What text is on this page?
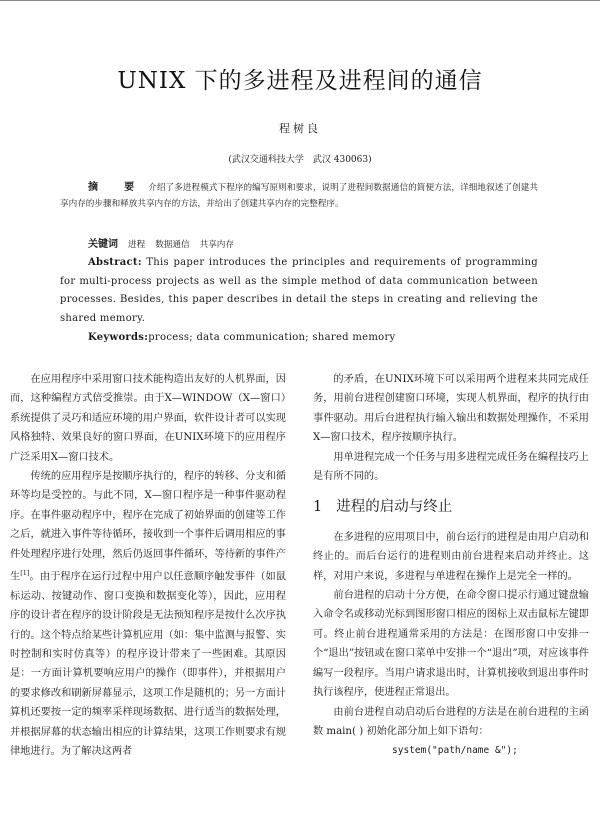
UNIX 下的多进程及进程间的通信
程树良
(武汉交通科技大学　武汉 430063)
摘　要 介绍了多进程模式下程序的编写原则和要求，说明了进程间数据通信的简便方法，详细地叙述了创建共享内存的步骤和释放共享内存的方法，并给出了创建共享内存的完整程序。
关键词 进程 数据通信 共享内存
Abstract: This paper introduces the principles and requirements of programming for multi-process projects as well as the simple method of data communication between processes. Besides, this paper describes in detail the steps in creating and relieving the shared memory.
Keywords:process; data communication; shared memory

在应用程序中采用窗口技术能构造出友好的人机界面，因而，这种编程方式倍受推崇。由于X—WINDOW（X—窗口）系统提供了灵巧和适应环境的用户界面，软件设计者可以实现风格独特、效果良好的窗口界面，在UNIX环境下的应用程序广泛采用X—窗口技术。

传统的应用程序是按顺序执行的，程序的转移、分支和循环等均是受控的。与此不同，X—窗口程序是一种事件驱动程序。在事件驱动程序中，程序在完成了初始界面的创建等工作之后，就进入事件等待循环，接收到一个事件后调用相应的事件处理程序进行处理，然后仍返回事件循环，等待新的事件产生[1]。由于程序在运行过程中用户以任意顺序触发事件（如鼠标运动、按键动作、窗口变换和数据变化等），因此，应用程序的设计者在程序的设计阶段是无法预知程序是按什么次序执行的。这个特点给某些计算机应用（如：集中监测与报警、实时控制和实时仿真等）的程序设计带来了一些困难。其原因是：一方面计算机要响应用户的操作（即事件），并根据用户的要求修改和刷新屏幕显示，这项工作是随机的；另一方面计算机还要按一定的频率采样现场数据、进行适当的数据处理，并根据屏幕的状态输出相应的计算结果，这项工作则要求有规律地进行。为了解决这两者

的矛盾，在UNIX环境下可以采用两个进程来共同完成任务，用前台进程创建窗口环境，实现人机界面，程序的执行由事件驱动。用后台进程执行输入输出和数据处理操作，不采用X—窗口技术，程序按顺序执行。

用单进程完成一个任务与用多进程完成任务在编程技巧上是有所不同的。

1 进程的启动与终止

在多进程的应用项目中，前台运行的进程是由用户启动和终止的。而后台运行的进程则由前台进程来启动并终止。这样，对用户来说，多进程与单进程在操作上是完全一样的。

前台进程的启动十分方便，在命令窗口提示行通过键盘输入命令名或移动光标到图形窗口相应的图标上双击鼠标左键即可。终止前台进程通常采用的方法是：在图形窗口中安排一个“退出”按钮或在窗口菜单中安排一个“退出”项，对应该事件编写一段程序。当用户请求退出时，计算机接收到退出事件时执行该程序，使进程正常退出。

由前台进程自动启动后台进程的方法是在前台进程的主函数 main( ) 初始化部分加上如下语句：

system("path/name &");
